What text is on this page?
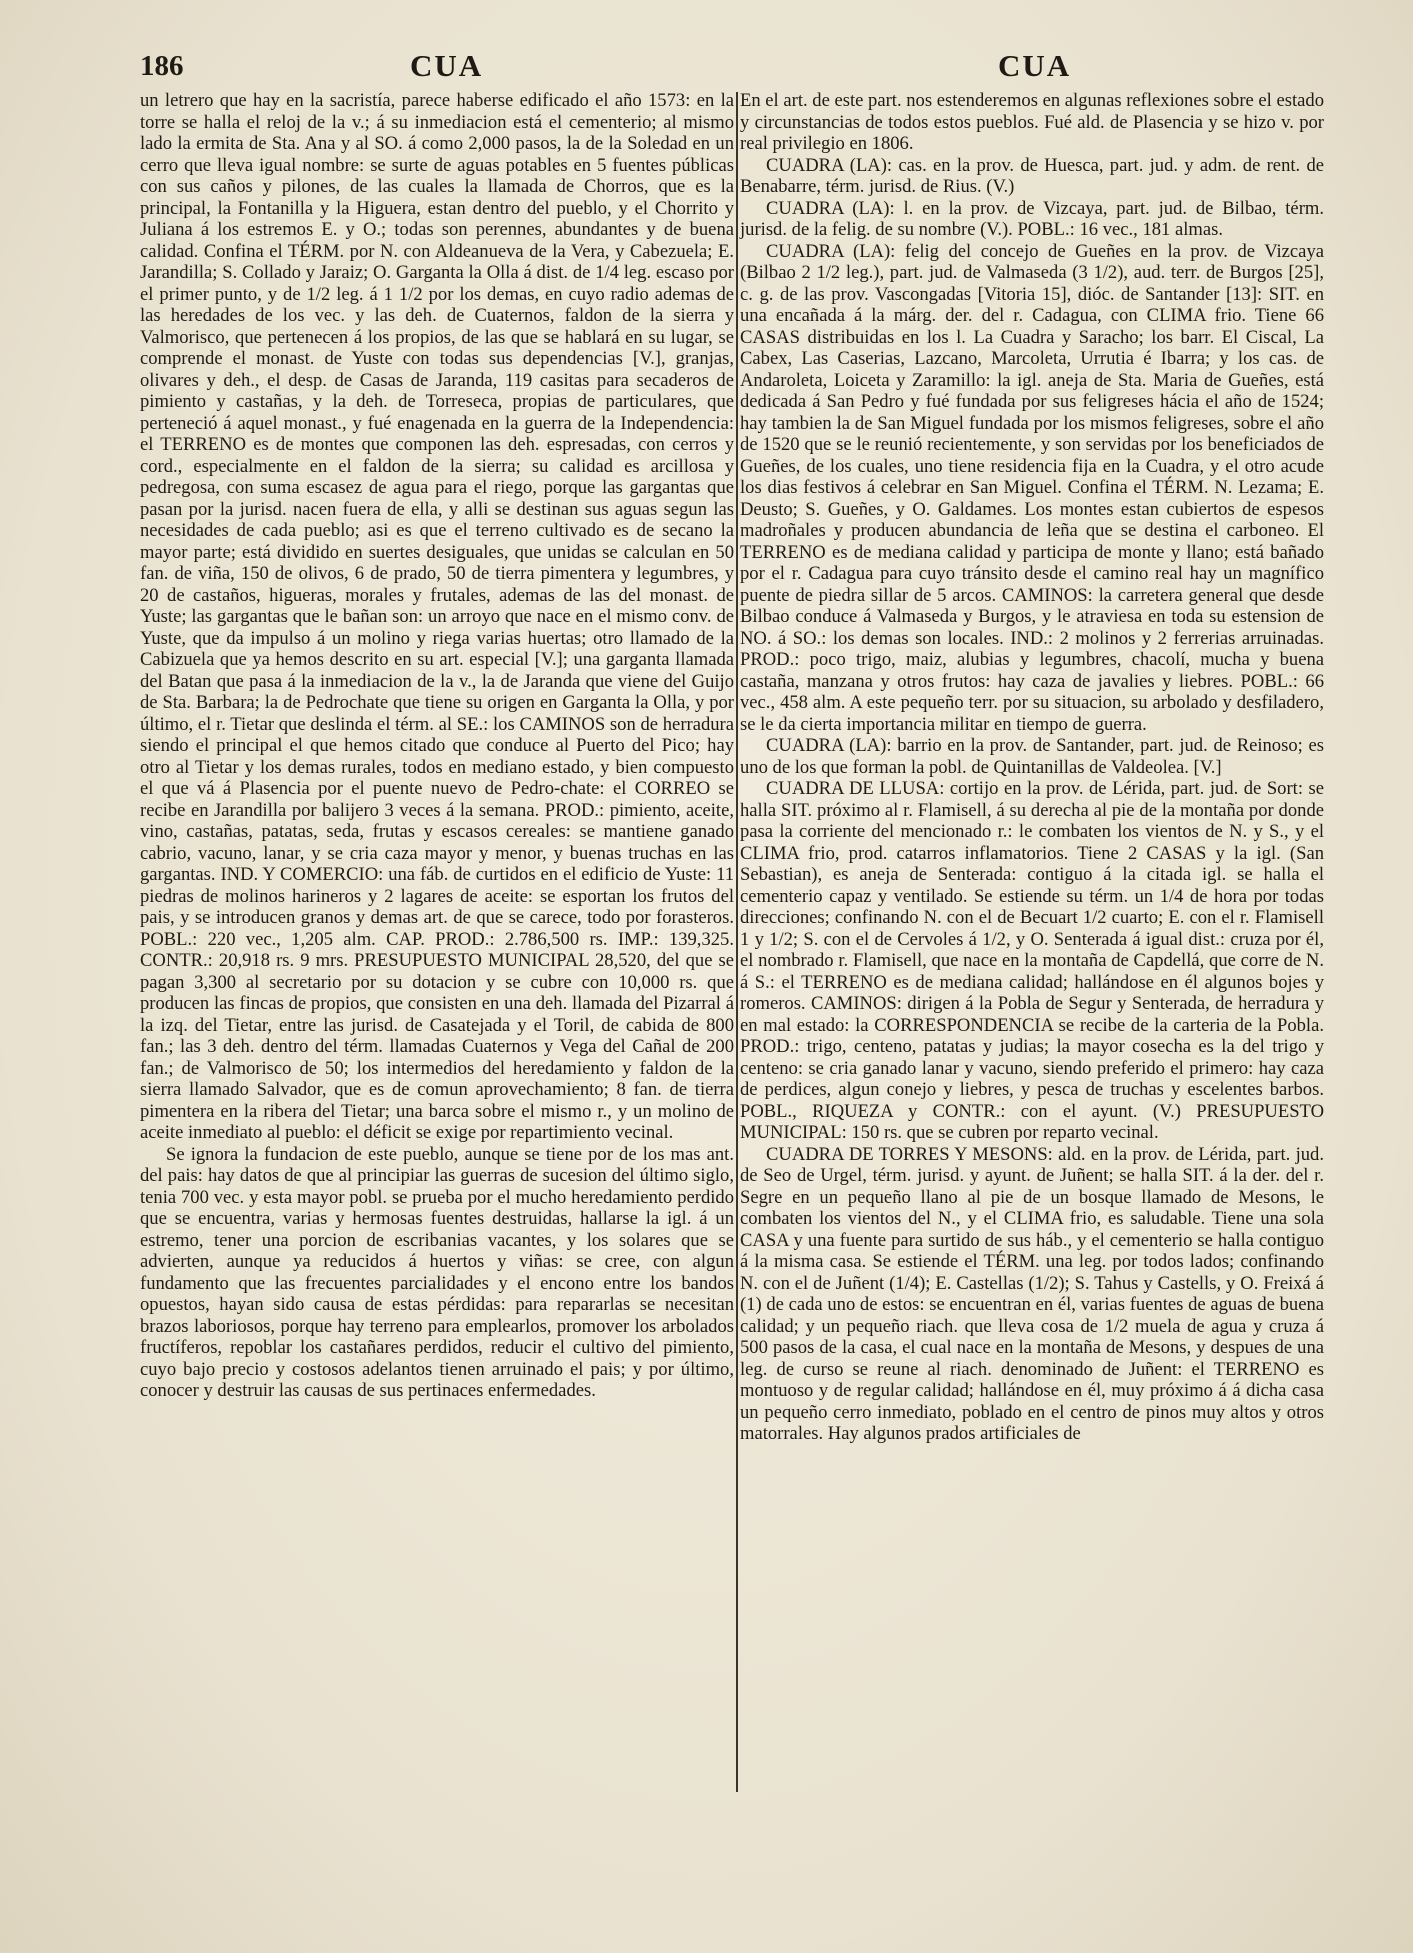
186	CUA	CUA

un letrero que hay en la sacristía, parece haberse edificado el año 1573: en la torre se halla el reloj de la v.; á su inmediacion está el cementerio; al mismo lado la ermita de Sta. Ana y al SO. á como 2,000 pasos, la de la Soledad en un cerro que lleva igual nombre: se surte de aguas potables en 5 fuentes públicas con sus caños y pilones, de las cuales la llamada de Chorros, que es la principal, la Fontanilla y la Higuera, estan dentro del pueblo, y el Chorrito y Juliana á los estremos E. y O.; todas son perennes, abundantes y de buena calidad. Confina el TÉRM. por N. con Aldeanueva de la Vera, y Cabezuela; E. Jarandilla; S. Collado y Jaraiz; O. Garganta la Olla á dist. de 1/4 leg. escaso por el primer punto, y de 1/2 leg. á 1 1/2 por los demas, en cuyo radio ademas de las heredades de los vec. y las deh. de Cuaternos, faldon de la sierra y Valmorisco, que pertenecen á los propios, de las que se hablará en su lugar, se comprende el monast. de Yuste con todas sus dependencias [V.], granjas, olivares y deh., el desp. de Casas de Jaranda, 119 casitas para secaderos de pimiento y castañas, y la deh. de Torreseca, propias de particulares, que perteneció á aquel monast., y fué enagenada en la guerra de la Independencia: el TERRENO es de montes que componen las deh. espresadas, con cerros y cord., especialmente en el faldon de la sierra; su calidad es arcillosa y pedregosa, con suma escasez de agua para el riego, porque las gargantas que pasan por la jurisd. nacen fuera de ella, y alli se destinan sus aguas segun las necesidades de cada pueblo; asi es que el terreno cultivado es de secano la mayor parte; está dividido en suertes desiguales, que unidas se calculan en 50 fan. de viña, 150 de olivos, 6 de prado, 50 de tierra pimentera y legumbres, y 20 de castaños, higueras, morales y frutales, ademas de las del monast. de Yuste; las gargantas que le bañan son: un arroyo que nace en el mismo conv. de Yuste, que da impulso á un molino y riega varias huertas; otro llamado de la Cabizuela que ya hemos descrito en su art. especial [V.]; una garganta llamada del Batan que pasa á la inmediacion de la v., la de Jaranda que viene del Guijo de Sta. Barbara; la de Pedrochate que tiene su origen en Garganta la Olla, y por último, el r. Tietar que deslinda el térm. al SE.: los CAMINOS son de herradura siendo el principal el que hemos citado que conduce al Puerto del Pico; hay otro al Tietar y los demas rurales, todos en mediano estado, y bien compuesto el que vá á Plasencia por el puente nuevo de Pedro-chate: el CORREO se recibe en Jarandilla por balijero 3 veces á la semana. PROD.: pimiento, aceite, vino, castañas, patatas, seda, frutas y escasos cereales: se mantiene ganado cabrio, vacuno, lanar, y se cria caza mayor y menor, y buenas truchas en las gargantas. IND. Y COMERCIO: una fáb. de curtidos en el edificio de Yuste: 11 piedras de molinos harineros y 2 lagares de aceite: se esportan los frutos del pais, y se introducen granos y demas art. de que se carece, todo por forasteros. POBL.: 220 vec., 1,205 alm. CAP. PROD.: 2.786,500 rs. IMP.: 139,325. CONTR.: 20,918 rs. 9 mrs. PRESUPUESTO MUNICIPAL 28,520, del que se pagan 3,300 al secretario por su dotacion y se cubre con 10,000 rs. que producen las fincas de propios, que consisten en una deh. llamada del Pizarral á la izq. del Tietar, entre las jurisd. de Casatejada y el Toril, de cabida de 800 fan.; las 3 deh. dentro del térm. llamadas Cuaternos y Vega del Cañal de 200 fan.; de Valmorisco de 50; los intermedios del heredamiento y faldon de la sierra llamado Salvador, que es de comun aprovechamiento; 8 fan. de tierra pimentera en la ribera del Tietar; una barca sobre el mismo r., y un molino de aceite inmediato al pueblo: el déficit se exige por repartimiento vecinal.

Se ignora la fundacion de este pueblo, aunque se tiene por de los mas ant. del pais: hay datos de que al principiar las guerras de sucesion del último siglo, tenia 700 vec. y esta mayor pobl. se prueba por el mucho heredamiento perdido que se encuentra, varias y hermosas fuentes destruidas, hallarse la igl. á un estremo, tener una porcion de escribanias vacantes, y los solares que se advierten, aunque ya reducidos á huertos y viñas: se cree, con algun fundamento que las frecuentes parcialidades y el encono entre los bandos opuestos, hayan sido causa de estas pérdidas: para repararlas se necesitan brazos laboriosos, porque hay terreno para emplearlos, promover los arbolados fructíferos, repoblar los castañares perdidos, reducir el cultivo del pimiento, cuyo bajo precio y costosos adelantos tienen arruinado el pais; y por último, conocer y destruir las causas de sus pertinaces enfermedades.

En el art. de este part. nos estenderemos en algunas reflexiones sobre el estado y circunstancias de todos estos pueblos. Fué ald. de Plasencia y se hizo v. por real privilegio en 1806.

CUADRA (LA): cas. en la prov. de Huesca, part. jud. y adm. de rent. de Benabarre, térm. jurisd. de Rius. (V.)

CUADRA (LA): l. en la prov. de Vizcaya, part. jud. de Bilbao, térm. jurisd. de la felig. de su nombre (V.). POBL.: 16 vec., 181 almas.

CUADRA (LA): felig del concejo de Gueñes en la prov. de Vizcaya (Bilbao 2 1/2 leg.), part. jud. de Valmaseda (3 1/2), aud. terr. de Burgos [25], c. g. de las prov. Vascongadas [Vitoria 15], dióc. de Santander [13]: SIT. en una encañada á la márg. der. del r. Cadagua, con CLIMA frio. Tiene 66 CASAS distribuidas en los l. La Cuadra y Saracho; los barr. El Ciscal, La Cabex, Las Caserias, Lazcano, Marcoleta, Urrutia é Ibarra; y los cas. de Andaroleta, Loiceta y Zaramillo: la igl. aneja de Sta. Maria de Gueñes, está dedicada á San Pedro y fué fundada por sus feligreses hácia el año de 1524; hay tambien la de San Miguel fundada por los mismos feligreses, sobre el año de 1520 que se le reunió recientemente, y son servidas por los beneficiados de Gueñes, de los cuales, uno tiene residencia fija en la Cuadra, y el otro acude los dias festivos á celebrar en San Miguel. Confina el TÉRM. N. Lezama; E. Deusto; S. Gueñes, y O. Galdames. Los montes estan cubiertos de espesos madroñales y producen abundancia de leña que se destina el carboneo. El TERRENO es de mediana calidad y participa de monte y llano; está bañado por el r. Cadagua para cuyo tránsito desde el camino real hay un magnífico puente de piedra sillar de 5 arcos. CAMINOS: la carretera general que desde Bilbao conduce á Valmaseda y Burgos, y le atraviesa en toda su estension de NO. á SO.: los demas son locales. IND.: 2 molinos y 2 ferrerias arruinadas. PROD.: poco trigo, maiz, alubias y legumbres, chacolí, mucha y buena castaña, manzana y otros frutos: hay caza de javalies y liebres. POBL.: 66 vec., 458 alm. A este pequeño terr. por su situacion, su arbolado y desfiladero, se le da cierta importancia militar en tiempo de guerra.

CUADRA (LA): barrio en la prov. de Santander, part. jud. de Reinoso; es uno de los que forman la pobl. de Quintanillas de Valdeolea. [V.]

CUADRA DE LLUSA: cortijo en la prov. de Lérida, part. jud. de Sort: se halla SIT. próximo al r. Flamisell, á su derecha al pie de la montaña por donde pasa la corriente del mencionado r.: le combaten los vientos de N. y S., y el CLIMA frio, prod. catarros inflamatorios. Tiene 2 CASAS y la igl. (San Sebastian), es aneja de Senterada: contiguo á la citada igl. se halla el cementerio capaz y ventilado. Se estiende su térm. un 1/4 de hora por todas direcciones; confinando N. con el de Becuart 1/2 cuarto; E. con el r. Flamisell 1 y 1/2; S. con el de Cervoles á 1/2, y O. Senterada á igual dist.: cruza por él, el nombrado r. Flamisell, que nace en la montaña de Capdellá, que corre de N. á S.: el TERRENO es de mediana calidad; hallándose en él algunos bojes y romeros. CAMINOS: dirigen á la Pobla de Segur y Senterada, de herradura y en mal estado: la CORRESPONDENCIA se recibe de la carteria de la Pobla. PROD.: trigo, centeno, patatas y judias; la mayor cosecha es la del trigo y centeno: se cria ganado lanar y vacuno, siendo preferido el primero: hay caza de perdices, algun conejo y liebres, y pesca de truchas y escelentes barbos. POBL., RIQUEZA y CONTR.: con el ayunt. (V.) PRESUPUESTO MUNICIPAL: 150 rs. que se cubren por reparto vecinal.

CUADRA DE TORRES Y MESONS: ald. en la prov. de Lérida, part. jud. de Seo de Urgel, térm. jurisd. y ayunt. de Juñent; se halla SIT. á la der. del r. Segre en un pequeño llano al pie de un bosque llamado de Mesons, le combaten los vientos del N., y el CLIMA frio, es saludable. Tiene una sola CASA y una fuente para surtido de sus háb., y el cementerio se halla contiguo á la misma casa. Se estiende el TÉRM. una leg. por todos lados; confinando N. con el de Juñent (1/4); E. Castellas (1/2); S. Tahus y Castells, y O. Freixá á (1) de cada uno de estos: se encuentran en él, varias fuentes de aguas de buena calidad; y un pequeño riach. que lleva cosa de 1/2 muela de agua y cruza á 500 pasos de la casa, el cual nace en la montaña de Mesons, y despues de una leg. de curso se reune al riach. denominado de Juñent: el TERRENO es montuoso y de regular calidad; hallándose en él, muy próximo á á dicha casa un pequeño cerro inmediato, poblado en el centro de pinos muy altos y otros matorrales. Hay algunos prados artificiales de
